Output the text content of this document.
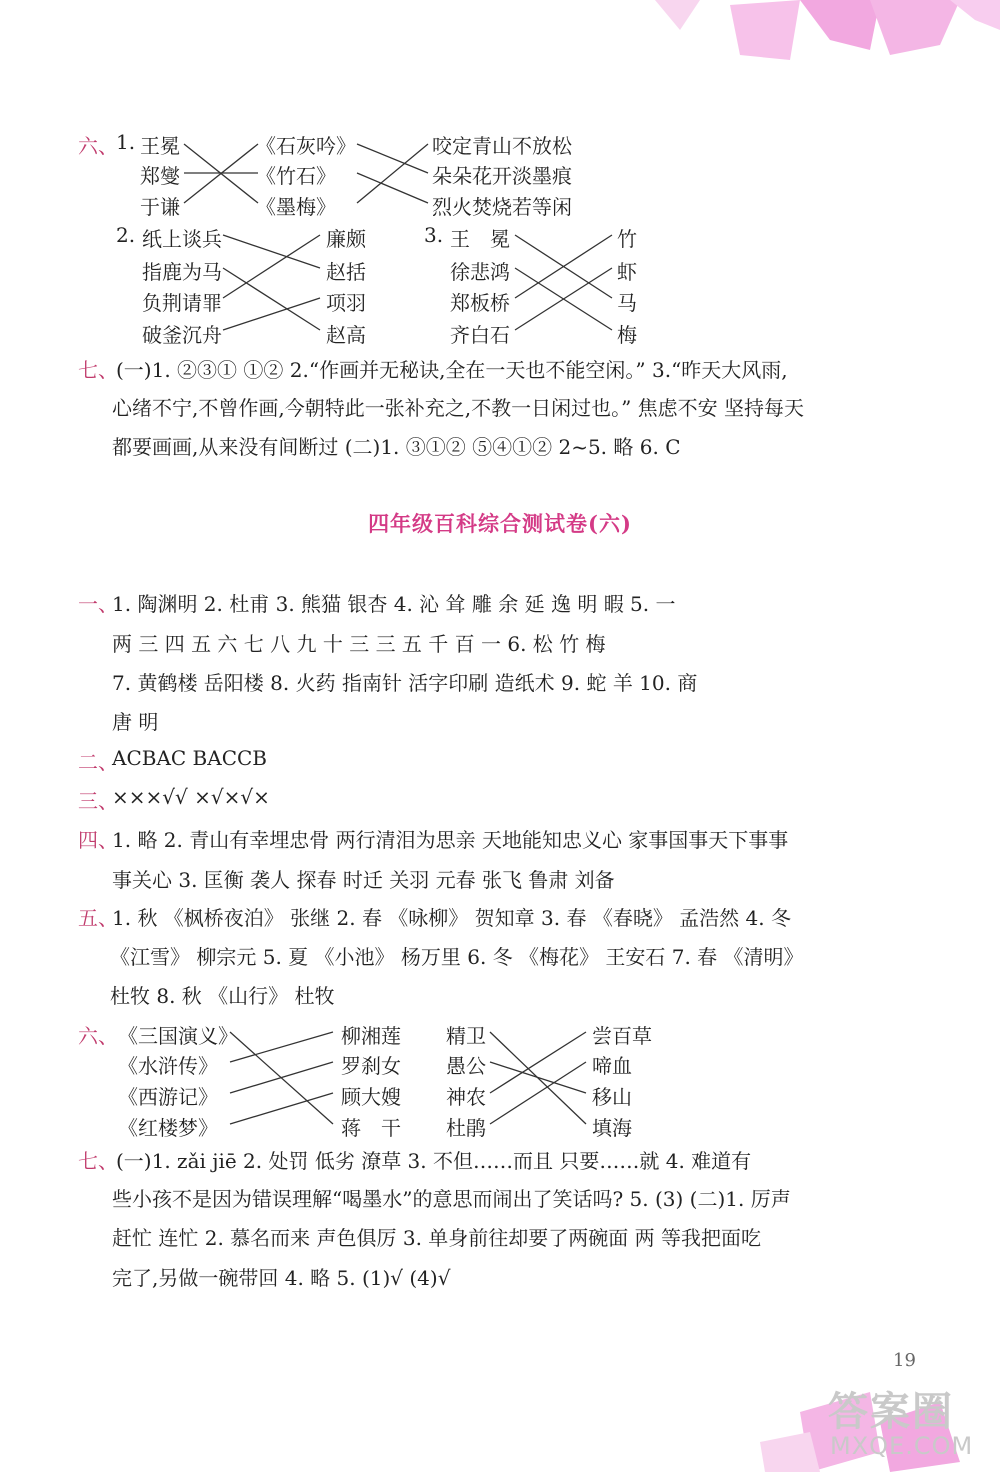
六、
1. 王冕
郑燮
于谦
《石灰吟》
《竹石》
《墨梅》
咬定青山不放松
朵朵花开淡墨痕
烈火焚烧若等闲
2. 纸上谈兵
指鹿为马
负荆请罪
破釜沉舟
廉颇
赵括
项羽
赵高
3. 王　冕
徐悲鸿
郑板桥
齐白石
竹
虾
马
梅
七、
(一)1. ②③① ①② 2.“作画并无秘诀,全在一天也不能空闲。” 3.“昨天大风雨,
心绪不宁,不曾作画,今朝特此一张补充之,不教一日闲过也。” 焦虑不安 坚持每天
都要画画,从来没有间断过 (二)1. ③①② ⑤④①② 2~5. 略 6. C
四年级百科综合测试卷(六)
一、
1. 陶渊明 2. 杜甫 3. 熊猫 银杏 4. 沁 耸 雕 余 延 逸 明 暇 5. 一
两 三 四 五 六 七 八 九 十 三 三 五 千 百 一 6. 松 竹 梅
7. 黄鹤楼 岳阳楼 8. 火药 指南针 活字印刷 造纸术 9. 蛇 羊 10. 商
唐 明
二、
ACBAC BACCB
三、
×××√√ ×√×√×
四、
1. 略 2. 青山有幸埋忠骨 两行清泪为思亲 天地能知忠义心 家事国事天下事事
事关心 3. 匡衡 袭人 探春 时迁 关羽 元春 张飞 鲁肃 刘备
五、
1. 秋 《枫桥夜泊》 张继 2. 春 《咏柳》 贺知章 3. 春 《春晓》 孟浩然 4. 冬
《江雪》 柳宗元 5. 夏 《小池》 杨万里 6. 冬 《梅花》 王安石 7. 春 《清明》
杜牧 8. 秋 《山行》 杜牧
六、 《三国演义》
《水浒传》
《西游记》
《红楼梦》
柳湘莲
罗刹女
顾大嫂
蒋　干
精卫
愚公
神农
杜鹃
尝百草
啼血
移山
填海
七、
(一)1. zǎi jiē 2. 处罚 低劣 潦草 3. 不但……而且 只要……就 4. 难道有
些小孩不是因为错误理解“喝墨水”的意思而闹出了笑话吗? 5. (3) (二)1. 厉声
赶忙 连忙 2. 慕名而来 声色俱厉 3. 单身前往却要了两碗面 两 等我把面吃
完了,另做一碗带回 4. 略 5. (1)√ (4)√
19
答案圈
MXQE.COM
